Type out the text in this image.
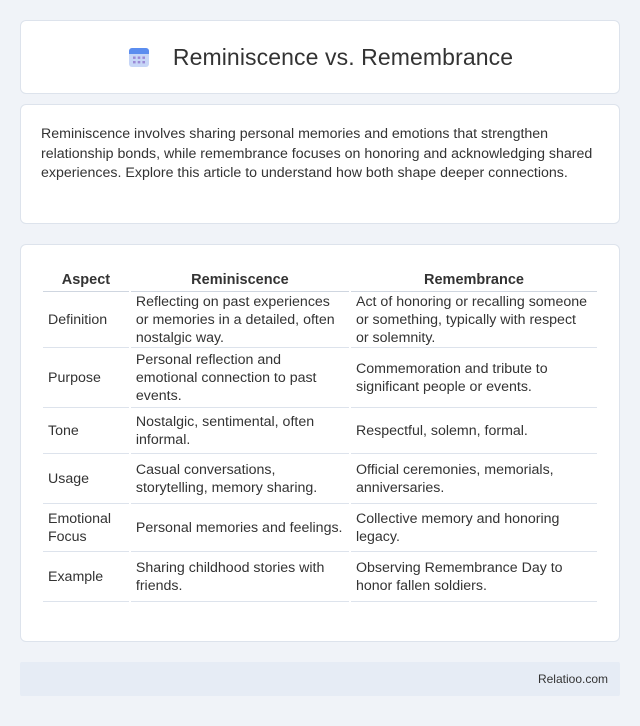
Reminiscence vs. Remembrance

Reminiscence involves sharing personal memories and emotions that strengthen relationship bonds, while remembrance focuses on honoring and acknowledging shared experiences. Explore this article to understand how both shape deeper connections.

Aspect	Reminiscence	Remembrance
Definition	Reflecting on past experiences or memories in a detailed, often nostalgic way.	Act of honoring or recalling someone or something, typically with respect or solemnity.
Purpose	Personal reflection and emotional connection to past events.	Commemoration and tribute to significant people or events.
Tone	Nostalgic, sentimental, often informal.	Respectful, solemn, formal.
Usage	Casual conversations, storytelling, memory sharing.	Official ceremonies, memorials, anniversaries.
Emotional Focus	Personal memories and feelings.	Collective memory and honoring legacy.
Example	Sharing childhood stories with friends.	Observing Remembrance Day to honor fallen soldiers.
Relatioo.com
